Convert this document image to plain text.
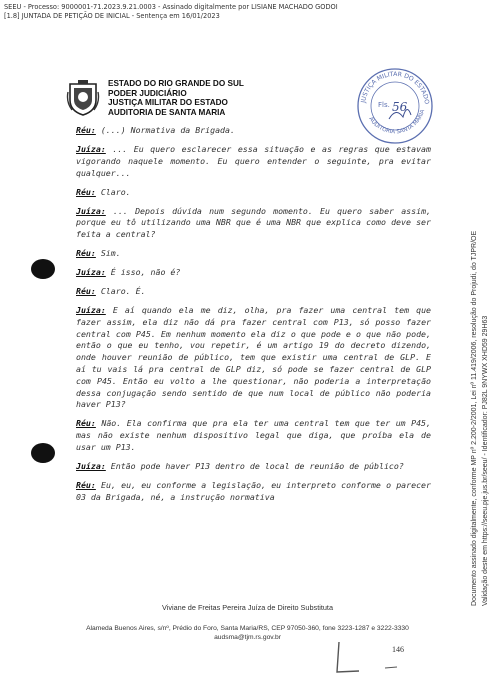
SEEU - Processo: 9000001-71.2023.9.21.0003 - Assinado digitalmente por LISIANE MACHADO GODOI
[1.8] JUNTADA DE PETIÇÃO DE INICIAL - Sentença em 16/01/2023
ESTADO DO RIO GRANDE DO SUL
PODER JUDICIÁRIO
JUSTIÇA MILITAR DO ESTADO
AUDITORIA DE SANTA MARIA
JUSTIÇA MILITAR DO ESTADO
AUDITORIA SANTA MARIA
Fls. 56
Documento assinado digitalmente, conforme MP nº 2.200-2/2001, Lei nº 11.419/2006, resolução do Projudi, do TJPR/OE Validação deste em https://seeu.pje.jus.br/seeu/ - Identificador: PJ82L 9NYWX XHD59 29H63

Réu: (...) Normativa da Brigada.

Juíza: ... Eu quero esclarecer essa situação e as regras que estavam vigorando naquele momento. Eu quero entender o seguinte, pra evitar qualquer...

Réu: Claro.

Juíza: ... Depois dúvida num segundo momento. Eu quero saber assim, porque eu tô utilizando uma NBR que é uma NBR que explica como deve ser feita a central?

Réu: Sim.

Juíza: É isso, não é?

Réu: Claro. É.

Juíza: E aí quando ela me diz, olha, pra fazer uma central tem que fazer assim, ela diz não dá pra fazer central com P13, só posso fazer central com P45. Em nenhum momento ela diz o que pode e o que não pode, então o que eu tenho, vou repetir, é um artigo 19 do decreto dizendo, onde houver reunião de público, tem que existir uma central de GLP. E aí tu vais lá pra central de GLP diz, só pode se fazer central de GLP com P45. Então eu volto a lhe questionar, não poderia a interpretação dessa conjugação sendo sentido de que num local de público não poderia haver P13?

Réu: Não. Ela confirma que pra ela ter uma central tem que ter um P45, mas não existe nenhum dispositivo legal que diga, que proíba ela de usar um P13.

Juíza: Então pode haver P13 dentro de local de reunião de público?

Réu: Eu, eu, eu conforme a legislação, eu interpreto conforme o parecer 03 da Brigada, né, a instrução normativa

Viviane de Freitas Pereira Juíza de Direito Substituta
Alameda Buenos Aires, s/nº, Prédio do Foro, Santa Maria/RS, CEP 97050-360, fone 3223-1287 e 3222-3330
audsma@tjm.rs.gov.br
146
